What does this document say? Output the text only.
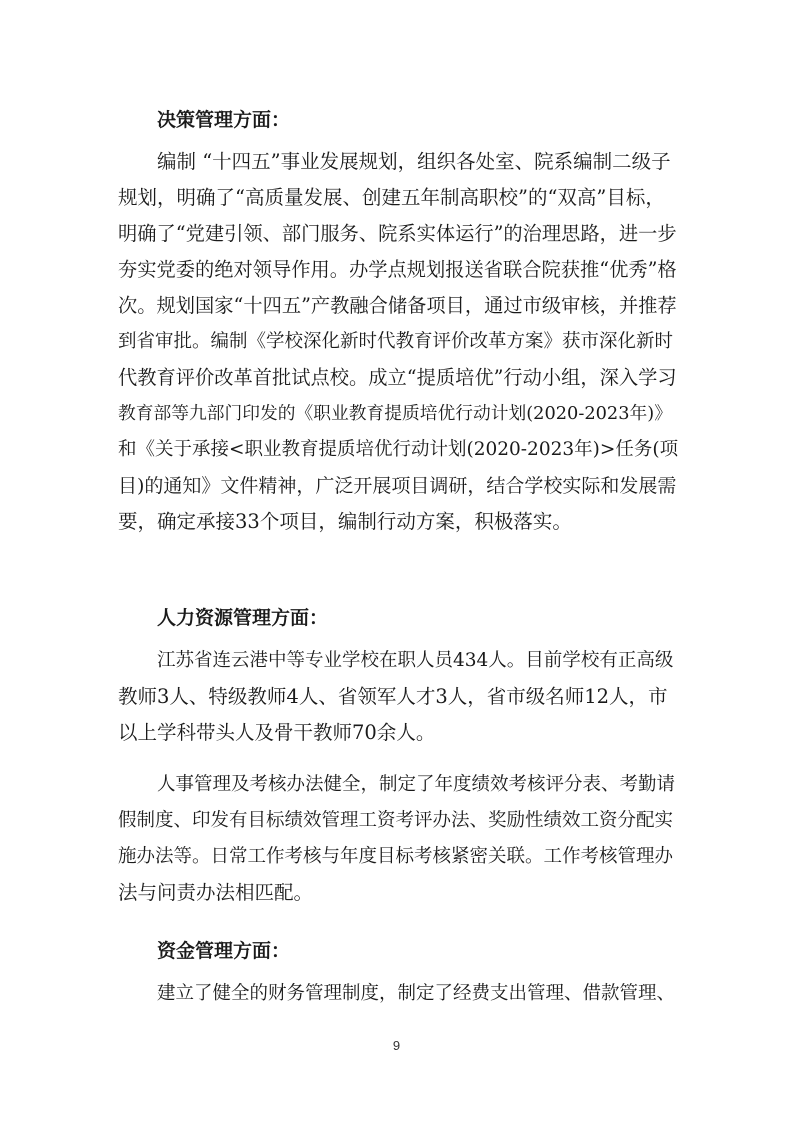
决策管理方面：
编制 “十四五”事业发展规划，组织各处室、院系编制二级子
规划，明确了“高质量发展、创建五年制高职校”的“双高”目标，
明确了“党建引领、部门服务、院系实体运行”的治理思路，进一步
夯实党委的绝对领导作用。办学点规划报送省联合院获推“优秀”格
次。规划国家“十四五”产教融合储备项目，通过市级审核，并推荐
到省审批。编制《学校深化新时代教育评价改革方案》获市深化新时
代教育评价改革首批试点校。成立“提质培优”行动小组，深入学习
教育部等九部门印发的《职业教育提质培优行动计划(2020-2023年)》
和《关于承接<职业教育提质培优行动计划(2020-2023年)>任务(项
目)的通知》文件精神，广泛开展项目调研，结合学校实际和发展需
要，确定承接33个项目，编制行动方案，积极落实。
人力资源管理方面：
江苏省连云港中等专业学校在职人员434人。目前学校有正高级
教师3人、特级教师4人、省领军人才3人，省市级名师12人，市
以上学科带头人及骨干教师70余人。
人事管理及考核办法健全，制定了年度绩效考核评分表、考勤请
假制度、印发有目标绩效管理工资考评办法、奖励性绩效工资分配实
施办法等。日常工作考核与年度目标考核紧密关联。工作考核管理办
法与问责办法相匹配。
资金管理方面：
建立了健全的财务管理制度，制定了经费支出管理、借款管理、
9
